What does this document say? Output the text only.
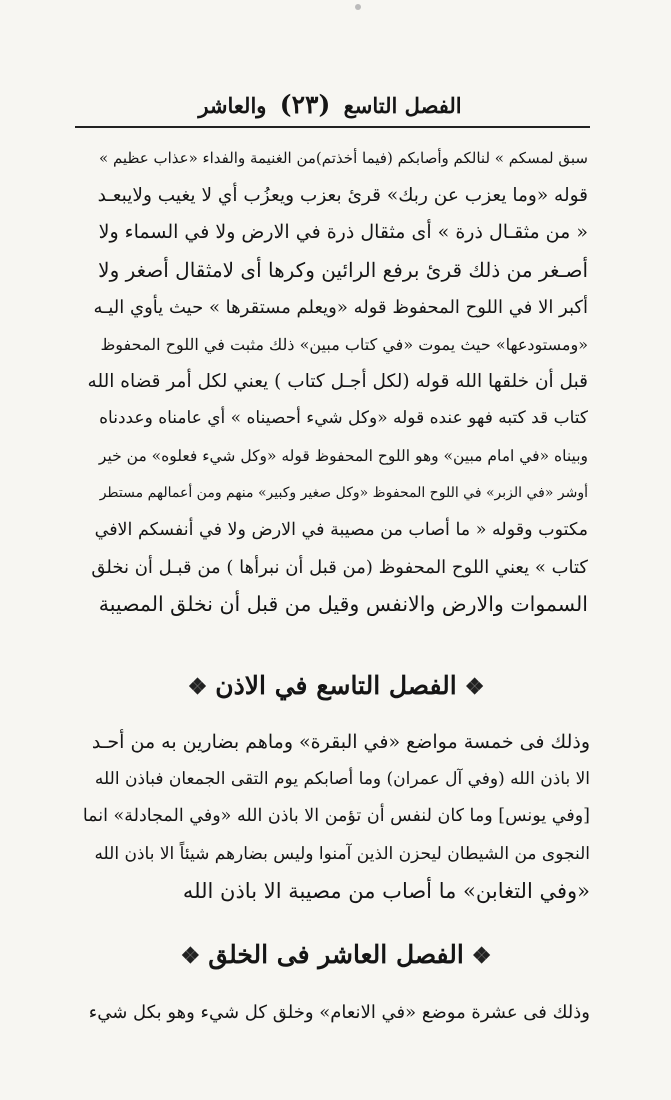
الفصل التاسع (٢٣) والعاشر
سبق لمسكم » لنالكم وأصابكم (فيما أخذتم)من الغنيمة والفداء «عذاب عظيم »
قوله «وما يعزب عن ربك» قرئ بعزب ويعزُب أي لا يغيب ولايبعـد
« من مثقـال ذرة » أى مثقال ذرة في الارض ولا في السماء ولا
أصـغر من ذلك قرئ برفع الرائين وكرها أى لامثقال أصغر ولا
أكبر الا في اللوح المحفوظ قوله «ويعلم مستقرها » حيث يأوي اليـه
«ومستودعها» حيث يموت «في كتاب مبين» ذلك مثبت في اللوح المحفوظ
قبل أن خلقها الله قوله (لكل أجـل كتاب ) يعني لكل أمر قضاه الله
كتاب قد كتبه فهو عنده قوله «وكل شيء أحصيناه » أي عامناه وعددناه
وبيناه «في امام مبين» وهو اللوح المحفوظ قوله «وكل شيء فعلوه» من خير
أوشر «في الزبر» في اللوح المحفوظ «وكل صغير وكبير» منهم ومن أعمالهم مستطر
مكتوب وقوله « ما أصاب من مصيبة في الارض ولا في أنفسكم الافي
كتاب » يعني اللوح المحفوظ (من قبل أن نبرأها ) من قبـل أن نخلق
السموات والارض والانفس وقيل من قبل أن نخلق المصيبة
❖الفصل التاسع في الاذن❖
وذلك فى خمسة مواضع «في البقرة» وماهم بضارين به من أحـد
الا باذن الله (وفي آل عمران) وما أصابكم يوم التقى الجمعان فباذن الله
[وفي يونس] وما كان لنفس أن تؤمن الا باذن الله «وفي المجادلة» انما
النجوى من الشيطان ليحزن الذين آمنوا وليس بضارهم شيئاً الا باذن الله
«وفي التغابن» ما أصاب من مصيبة الا باذن الله
❖الفصل العاشر فى الخلق❖
وذلك فى عشرة موضع «في الانعام» وخلق كل شيء وهو بكل شيء
